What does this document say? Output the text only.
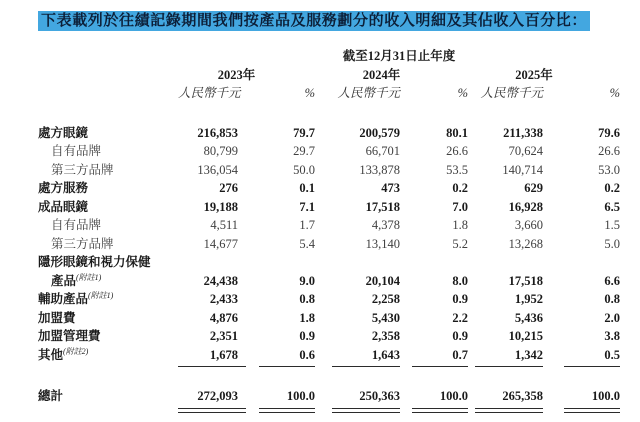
下表載列於往績記錄期間我們按產品及服務劃分的收入明細及其佔收入百分比：
	截至12月31日止年度					
	2023年		2024年		2025年	
	人民幣千元	%	人民幣千元	%	人民幣千元	%

處方眼鏡	216,853	79.7	200,579	80.1	211,338	79.6
自有品牌	80,799	29.7	66,701	26.6	70,624	26.6
第三方品牌	136,054	50.0	133,878	53.5	140,714	53.0
處方服務	276	0.1	473	0.2	629	0.2
成品眼鏡	19,188	7.1	17,518	7.0	16,928	6.5
自有品牌	4,511	1.7	4,378	1.8	3,660	1.5
第三方品牌	14,677	5.4	13,140	5.2	13,268	5.0
隱形眼鏡和視力保健						
產品$^{(附註1)}$	24,438	9.0	20,104	8.0	17,518	6.6
輔助產品$^{(附註1)}$	2,433	0.8	2,258	0.9	1,952	0.8
加盟費	4,876	1.8	5,430	2.2	5,436	2.0
加盟管理費	2,351	0.9	2,358	0.9	10,215	3.8
其他$^{(附註2)}$	1,678	0.6	1,643	0.7	1,342	0.5

總計	272,093	100.0	250,363	100.0	265,358	100.0
